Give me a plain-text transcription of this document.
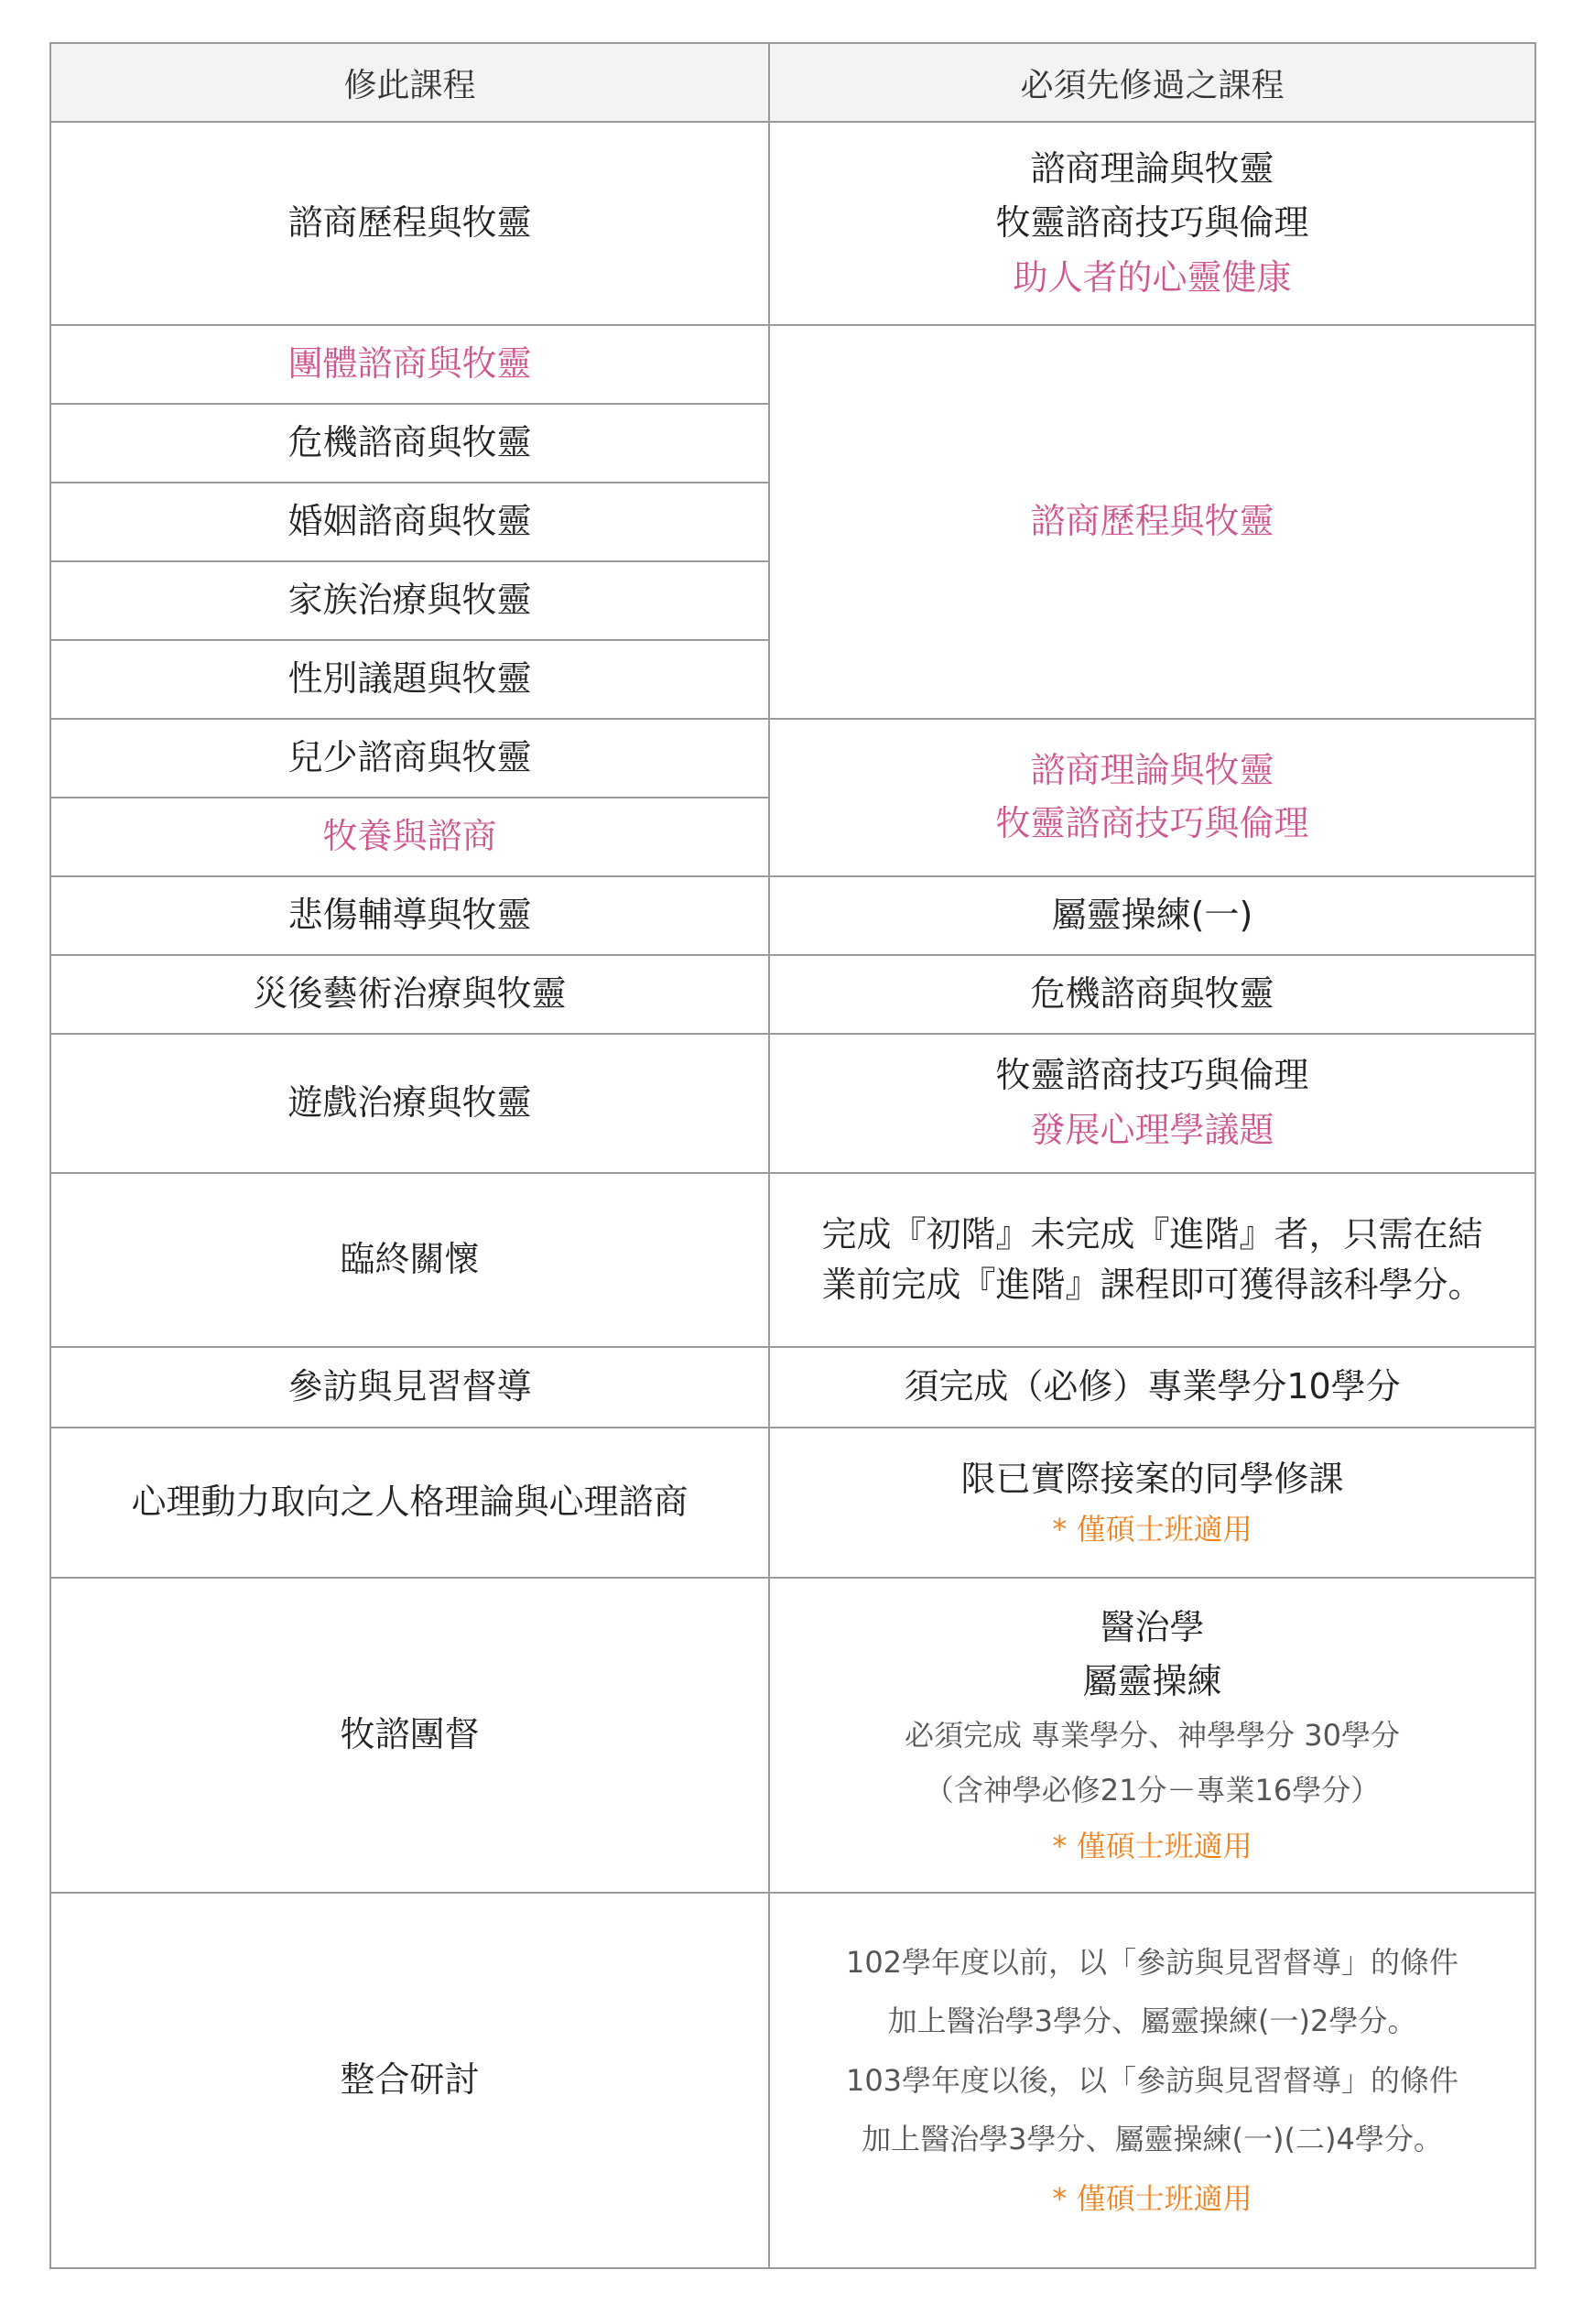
修此課程	必須先修過之課程
諮商歷程與牧靈	諮商理論與牧靈
牧靈諮商技巧與倫理
助人者的心靈健康

團體諮商與牧靈	諮商歷程與牧靈
危機諮商與牧靈	
婚姻諮商與牧靈	
家族治療與牧靈	
性別議題與牧靈	
兒少諮商與牧靈	諮商理論與牧靈
牧靈諮商技巧與倫理

牧養與諮商	
悲傷輔導與牧靈	屬靈操練(一)
災後藝術治療與牧靈	危機諮商與牧靈
遊戲治療與牧靈	牧靈諮商技巧與倫理
發展心理學議題

臨終關懷	完成『初階』未完成『進階』者，只需在結
業前完成『進階』課程即可獲得該科學分。

參訪與見習督導	須完成（必修）專業學分10學分
心理動力取向之人格理論與心理諮商	限已實際接案的同學修課
* 僅碩士班適用

牧諮團督	醫治學
屬靈操練
必須完成 專業學分、神學學分 30學分
（含神學必修21分－專業16學分）
* 僅碩士班適用

整合研討	102學年度以前，以「參訪與見習督導」的條件
加上醫治學3學分、屬靈操練(一)2學分。
103學年度以後，以「參訪與見習督導」的條件
加上醫治學3學分、屬靈操練(一)(二)4學分。
* 僅碩士班適用
